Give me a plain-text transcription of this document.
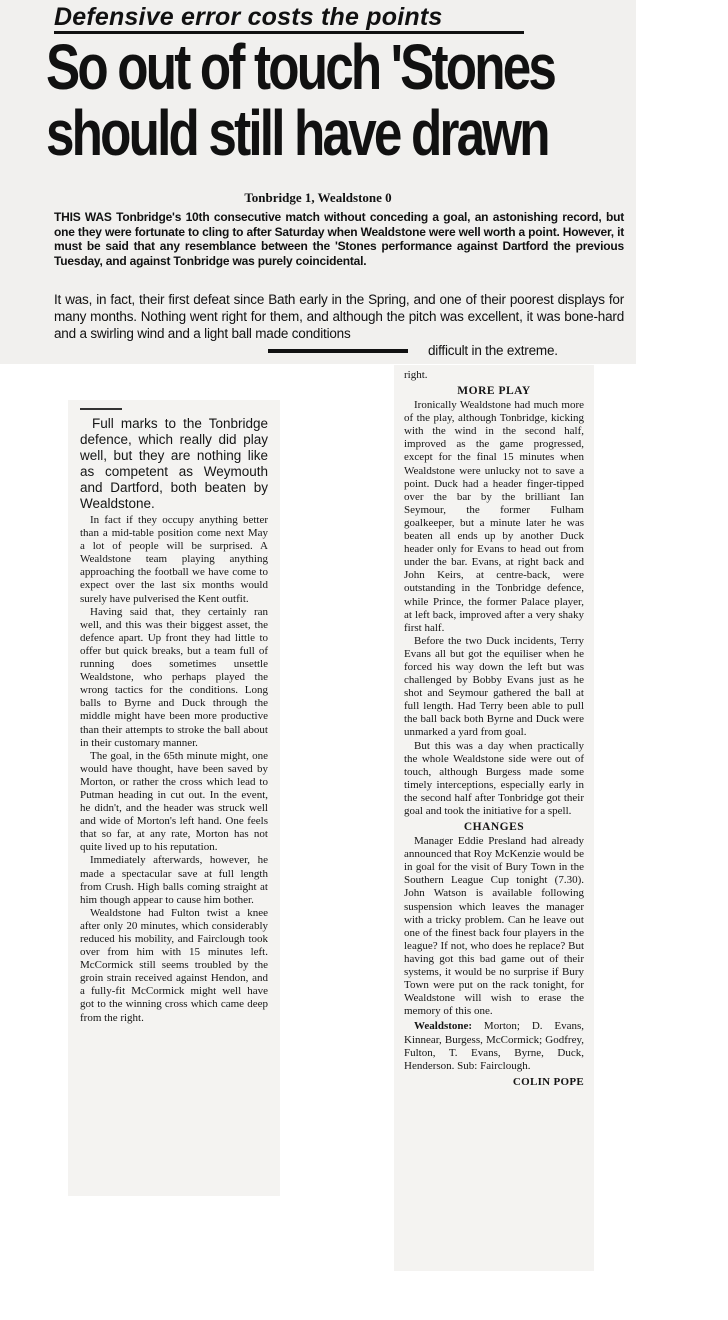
Defensive error costs the points
So out of touch 'Stones
should still have drawn
Tonbridge 1, Wealdstone 0

THIS WAS Tonbridge's 10th consecutive match without conceding a goal, an astonishing record, but one they were fortunate to cling to after Saturday when Wealdstone were well worth a point. However, it must be said that any resemblance between the 'Stones performance against Dartford the previous Tuesday, and against Tonbridge was purely coincidental.

It was, in fact, their first defeat since Bath early in the Spring, and one of their poorest displays for many months. Nothing went right for them, and although the pitch was excellent, it was bone-hard and a swirling wind and a light ball made conditions
difficult in the extreme.

Full marks to the Tonbridge defence, which really did play well, but they are nothing like as competent as Weymouth and Dartford, both beaten by Wealdstone.

In fact if they occupy anything better than a mid-table position come next May a lot of people will be surprised. A Wealdstone team playing anything approaching the football we have come to expect over the last six months would surely have pulverised the Kent outfit.

Having said that, they certainly ran well, and this was their biggest asset, the defence apart. Up front they had little to offer but quick breaks, but a team full of running does sometimes unsettle Wealdstone, who perhaps played the wrong tactics for the conditions. Long balls to Byrne and Duck through the middle might have been more productive than their attempts to stroke the ball about in their customary manner.

The goal, in the 65th minute might, one would have thought, have been saved by Morton, or rather the cross which lead to Putman heading in cut out. In the event, he didn't, and the header was struck well and wide of Morton's left hand. One feels that so far, at any rate, Morton has not quite lived up to his reputation.

Immediately afterwards, however, he made a spectacular save at full length from Crush. High balls coming straight at him though appear to cause him bother.

Wealdstone had Fulton twist a knee after only 20 minutes, which considerably reduced his mobility, and Fairclough took over from him with 15 minutes left. McCormick still seems troubled by the groin strain received against Hendon, and a fully-fit McCormick might well have got to the winning cross which came deep from the right.

right.

MORE PLAY

Ironically Wealdstone had much more of the play, although Tonbridge, kicking with the wind in the second half, improved as the game progressed, except for the final 15 minutes when Wealdstone were unlucky not to save a point. Duck had a header finger-tipped over the bar by the brilliant Ian Seymour, the former Fulham goalkeeper, but a minute later he was beaten all ends up by another Duck header only for Evans to head out from under the bar. Evans, at right back and John Keirs, at centre-back, were outstanding in the Tonbridge defence, while Prince, the former Palace player, at left back, improved after a very shaky first half.

Before the two Duck incidents, Terry Evans all but got the equiliser when he forced his way down the left but was challenged by Bobby Evans just as he shot and Seymour gathered the ball at full length. Had Terry been able to pull the ball back both Byrne and Duck were unmarked a yard from goal.

But this was a day when practically the whole Wealdstone side were out of touch, although Burgess made some timely interceptions, especially early in the second half after Tonbridge got their goal and took the initiative for a spell.

CHANGES

Manager Eddie Presland had already announced that Roy McKenzie would be in goal for the visit of Bury Town in the Southern League Cup tonight (7.30). John Watson is available following suspension which leaves the manager with a tricky problem. Can he leave out one of the finest back four players in the league? If not, who does he replace? But having got this bad game out of their systems, it would be no surprise if Bury Town were put on the rack tonight, for Wealdstone will wish to erase the memory of this one.

Wealdstone: Morton; D. Evans, Kinnear, Burgess, McCormick; Godfrey, Fulton, T. Evans, Byrne, Duck, Henderson. Sub: Fairclough.

COLIN POPE
